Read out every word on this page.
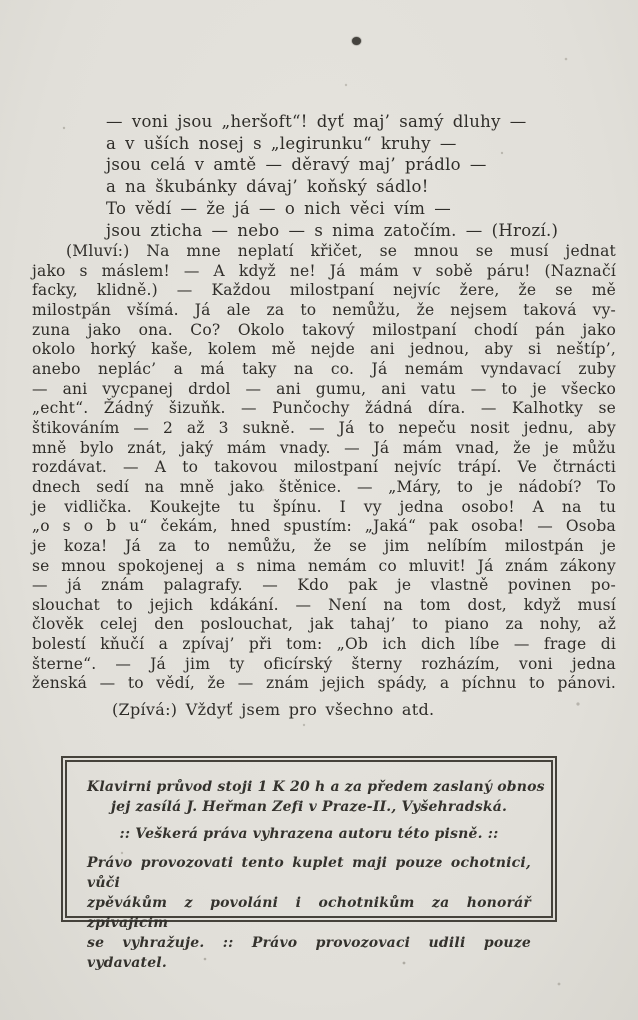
— voni jsou „heršoft“! dyť maj’ samý dluhy —
a v uších nosej s „legirunku“ kruhy —
jsou celá v amtě — děravý maj’ prádlo —
a na škubánky dávaj’ koňský sádlo!
To vědí — že já — o nich věci vím —
jsou zticha — nebo — s nima zatočím. — (Hrozí.)
(Mluví:) Na mne neplatí křičet, se mnou se musí jednat
jako s máslem! — A když ne! Já mám v sobě páru! (Naznačí
facky, klidně.) — Každou milostpaní nejvíc žere, že se mě
milostpán všímá. Já ale za to nemůžu, že nejsem taková vy-
zuna jako ona. Co? Okolo takový milostpaní chodí pán jako
okolo horký kaše, kolem mě nejde ani jednou, aby si neštíp’,
anebo neplác’ a má taky na co. Já nemám vyndavací zuby
— ani vycpanej drdol — ani gumu, ani vatu — to je všecko
„echt“. Žádný šizuňk. — Punčochy žádná díra. — Kalhotky se
štikováním — 2 až 3 sukně. — Já to nepeču nosit jednu, aby
mně bylo znát, jaký mám vnady. — Já mám vnad, že je můžu
rozdávat. — A to takovou milostpaní nejvíc trápí. Ve čtrnácti
dnech sedí na mně jako štěnice. — „Máry, to je nádobí? To
je vidlička. Koukejte tu špínu. I vy jedna osobo! A na tu
„o s o b u“ čekám, hned spustím: „Jaká“ pak osoba! — Osoba
je koza! Já za to nemůžu, že se jim nelíbím milostpán je
se mnou spokojenej a s nima nemám co mluvit! Já znám zákony
— já znám palagrafy. — Kdo pak je vlastně povinen po-
slouchat to jejich kdákání. — Není na tom dost, když musí
člověk celej den poslouchat, jak tahaj’ to piano za nohy, až
bolestí kňučí a zpívaj’ při tom: „Ob ich dich líbe — frage di
šterne“. — Já jim ty oficírský šterny rozházím, voni jedna
ženská — to vědí, že — znám jejich spády, a píchnu to pánovi.
(Zpívá:) Vždyť jsem pro všechno atd.
Klavirni průvod stoji 1 K 20 h a za předem zaslaný obnos
jej zasílá J. Heřman Zefi v Praze-II., Vyšehradská.
:: Veškerá práva vyhrazena autoru této pisně. ::
Právo provozovati tento kuplet maji pouze ochotnici, vůči
zpěvákům z povoláni i ochotnikům za honorář zpivajicim
se vyhražuje. :: Právo provozovaci udili pouze vydavatel.
